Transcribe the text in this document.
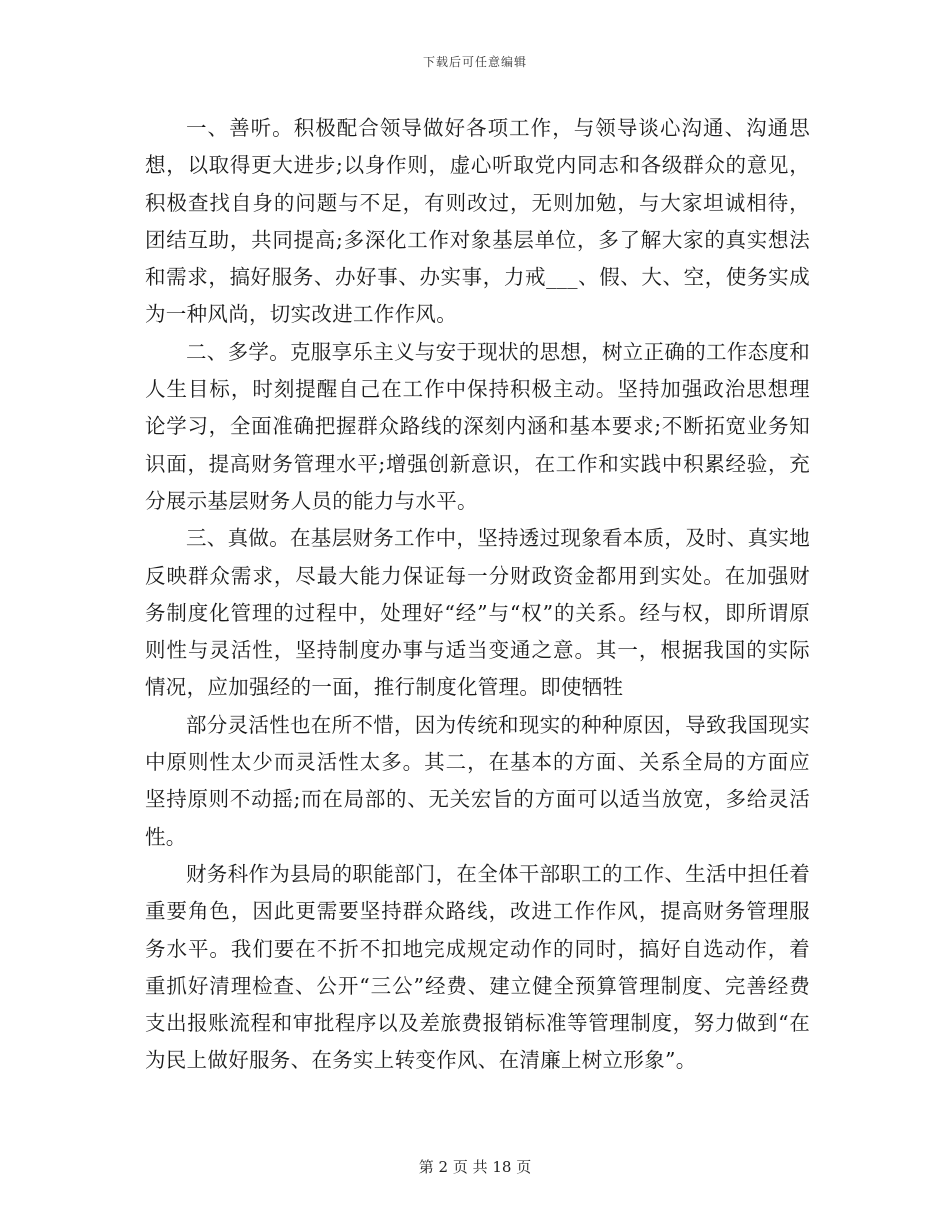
下载后可任意编辑

一、善听。积极配合领导做好各项工作，与领导谈心沟通、沟通思想，以取得更大进步;以身作则，虚心听取党内同志和各级群众的意见，积极查找自身的问题与不足，有则改过，无则加勉，与大家坦诚相待，团结互助，共同提高;多深化工作对象基层单位，多了解大家的真实想法和需求，搞好服务、办好事、办实事，力戒___、假、大、空，使务实成为一种风尚，切实改进工作作风。

二、多学。克服享乐主义与安于现状的思想，树立正确的工作态度和人生目标，时刻提醒自己在工作中保持积极主动。坚持加强政治思想理论学习，全面准确把握群众路线的深刻内涵和基本要求;不断拓宽业务知识面，提高财务管理水平;增强创新意识，在工作和实践中积累经验，充分展示基层财务人员的能力与水平。

三、真做。在基层财务工作中，坚持透过现象看本质，及时、真实地反映群众需求，尽最大能力保证每一分财政资金都用到实处。在加强财务制度化管理的过程中，处理好“经”与“权”的关系。经与权，即所谓原则性与灵活性，坚持制度办事与适当变通之意。其一，根据我国的实际情况，应加强经的一面，推行制度化管理。即使牺牲

部分灵活性也在所不惜，因为传统和现实的种种原因，导致我国现实中原则性太少而灵活性太多。其二，在基本的方面、关系全局的方面应坚持原则不动摇;而在局部的、无关宏旨的方面可以适当放宽，多给灵活性。

财务科作为县局的职能部门，在全体干部职工的工作、生活中担任着重要角色，因此更需要坚持群众路线，改进工作作风，提高财务管理服务水平。我们要在不折不扣地完成规定动作的同时，搞好自选动作，着重抓好清理检查、公开“三公”经费、建立健全预算管理制度、完善经费支出报账流程和审批程序以及差旅费报销标准等管理制度，努力做到“在为民上做好服务、在务实上转变作风、在清廉上树立形象”。

第 2 页 共 18 页
